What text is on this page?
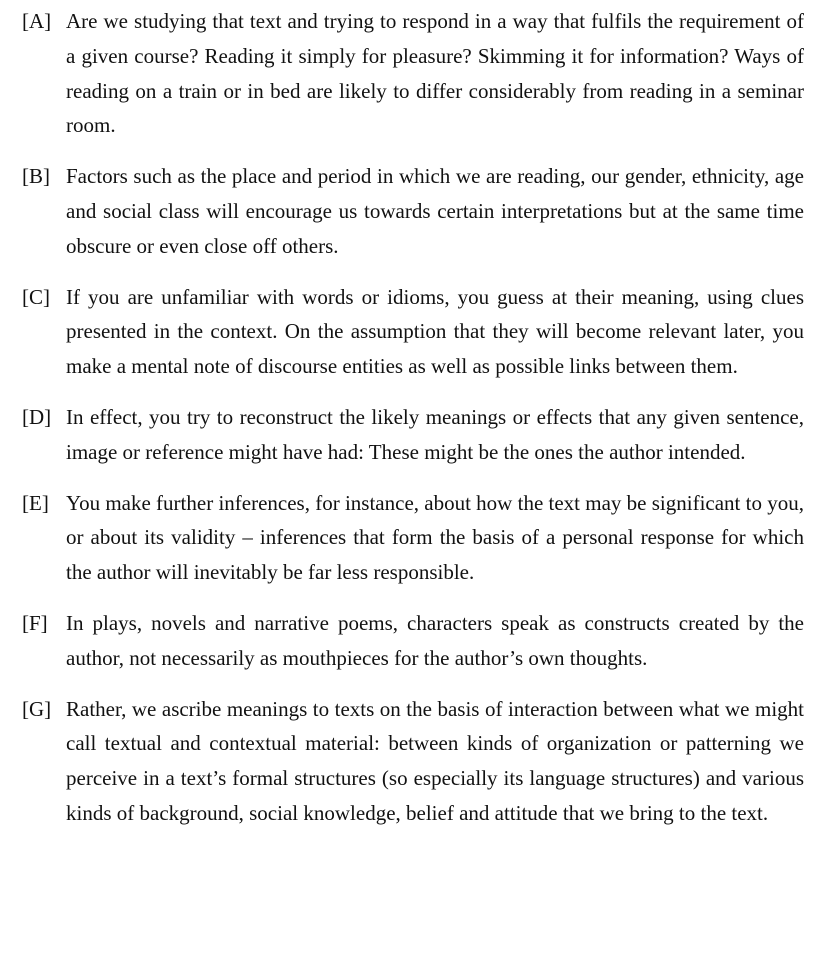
[A] Are we studying that text and trying to respond in a way that fulfils the requirement of a given course? Reading it simply for pleasure? Skimming it for information? Ways of reading on a train or in bed are likely to differ considerably from reading in a seminar room.
[B] Factors such as the place and period in which we are reading, our gender, ethnicity, age and social class will encourage us towards certain interpretations but at the same time obscure or even close off others.
[C] If you are unfamiliar with words or idioms, you guess at their meaning, using clues presented in the context. On the assumption that they will become relevant later, you make a mental note of discourse entities as well as possible links between them.
[D] In effect, you try to reconstruct the likely meanings or effects that any given sentence, image or reference might have had: These might be the ones the author intended.
[E] You make further inferences, for instance, about how the text may be significant to you, or about its validity – inferences that form the basis of a personal response for which the author will inevitably be far less responsible.
[F] In plays, novels and narrative poems, characters speak as constructs created by the author, not necessarily as mouthpieces for the author’s own thoughts.
[G] Rather, we ascribe meanings to texts on the basis of interaction between what we might call textual and contextual material: between kinds of organization or patterning we perceive in a text’s formal structures (so especially its language structures) and various kinds of background, social knowledge, belief and attitude that we bring to the text.
